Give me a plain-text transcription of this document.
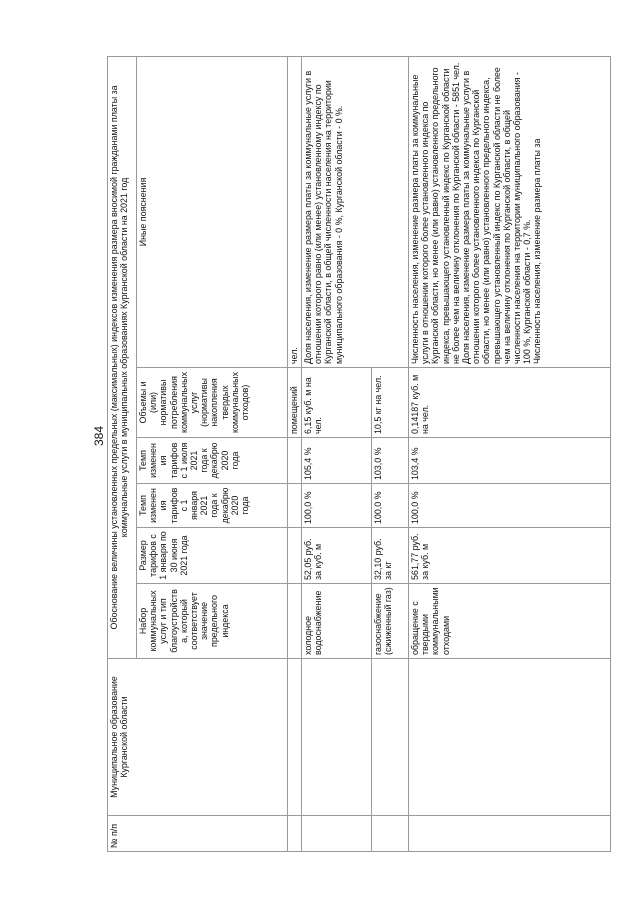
384
№ п/п	Муниципальное образование Курганской области	Обоснование величины установленных предельных (максимальных) индексов изменения размера вносимой гражданами платы за коммунальные услуги в муниципальных образованиях Курганской области на 2021 год					
		Набор коммунальных услуг и тип благоустройства, который соответствует значение предельного индекса	Размер тарифов с 1 января по 30 июня 2021 года	Темп изменения тарифов с 1 января 2021 года к декабрю 2020 года	Темп изменения тарифов с 1 июля 2021 года к декабрю 2020 года	Объемы и (или) нормативы потребления коммунальных услуг (нормативы накопления твердых коммунальных отходов)	Иные пояснения
						помещений	чел.
		холодное водоснабжение	52,05 руб. за куб. м	100,0 %	105,4 %	6,15 куб. м на чел.	Доля населения, изменение размера платы за коммунальные услуги в отношении которого равно (или менее) установленному индексу по Курганской области, в общей численности населения на территории муниципального образования - 0 %, Курганской области - 0 %.

		газоснабжение (сжиженный газ)	32,10 руб. за кг	100,0 %	103,0 %	10,5 кг на чел.	
		обращение с твердыми коммунальными отходами	561,77 руб. за куб. м	100,0 %	103,4 %	0,14187 куб. м на чел.	Численность населения, изменение размера платы за коммунальные услуги в отношении которого более установленного индекса по Курганской области, но менее (или равно) установленного предельного индекса, превышающего установленный индекс по Курганской области не более чем на величину отклонения по Курганской области - 5851 чел. Доля населения, изменение размера платы за коммунальные услуги в отношении которого более установленного индекса по Курганской области, но менее (или равно) установленного предельного индекса, превышающего установленный индекс по Курганской области не более чем на величину отклонения по Курганской области, в общей численности населения на территории муниципального образования - 100 %, Курганской области - 0,7 %. Численность населения, изменение размера платы за
